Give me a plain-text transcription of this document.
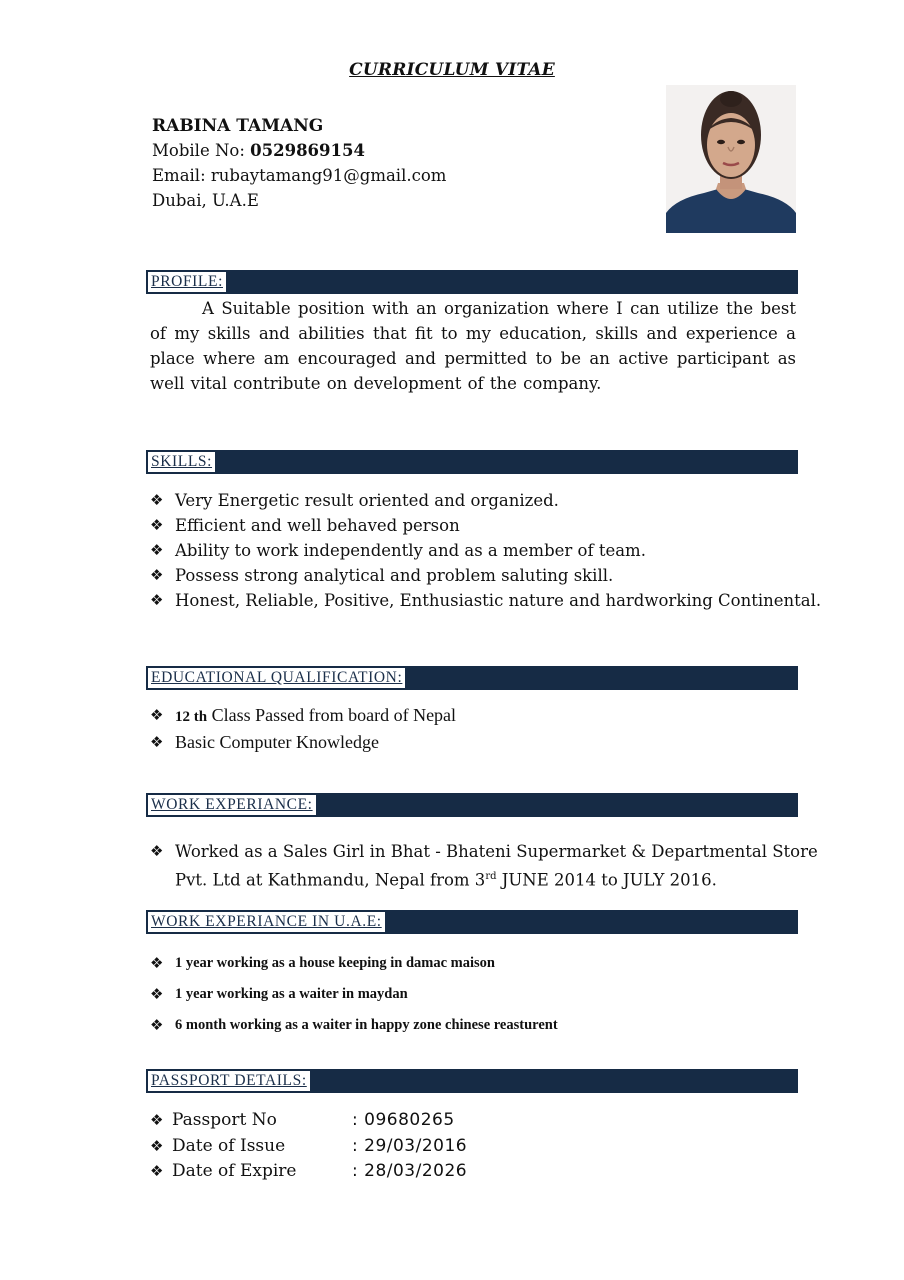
CURRICULUM VITAE
RABINA TAMANG
Mobile No: 0529869154
Email: rubaytamang91@gmail.com
Dubai, U.A.E
PROFILE:
A Suitable position with an organization where I can utilize the best of my skills and abilities that fit to my education, skills and experience a place where am encouraged and permitted to be an active participant as well vital contribute on development of the company.
SKILLS:
❖ Very Energetic result oriented and organized.
❖ Efficient and well behaved person
❖ Ability to work independently and as a member of team.
❖ Possess strong analytical and problem saluting skill.
❖ Honest, Reliable, Positive, Enthusiastic nature and hardworking Continental.
EDUCATIONAL QUALIFICATION:
❖ 12 th Class Passed from board of Nepal
❖ Basic Computer Knowledge
WORK EXPERIANCE:
❖ Worked as a Sales Girl in Bhat - Bhateni Supermarket & Departmental Store
Pvt. Ltd at Kathmandu, Nepal from 3rd JUNE 2014 to JULY 2016.
WORK EXPERIANCE IN U.A.E:
❖ 1 year working as a house keeping in damac maison
❖ 1 year working as a waiter in maydan
❖ 6 month working as a waiter in happy zone chinese reasturent
PASSPORT DETAILS:
❖ Passport No	: 09680265
❖ Date of Issue	: 29/03/2016
❖ Date of Expire	: 28/03/2026
